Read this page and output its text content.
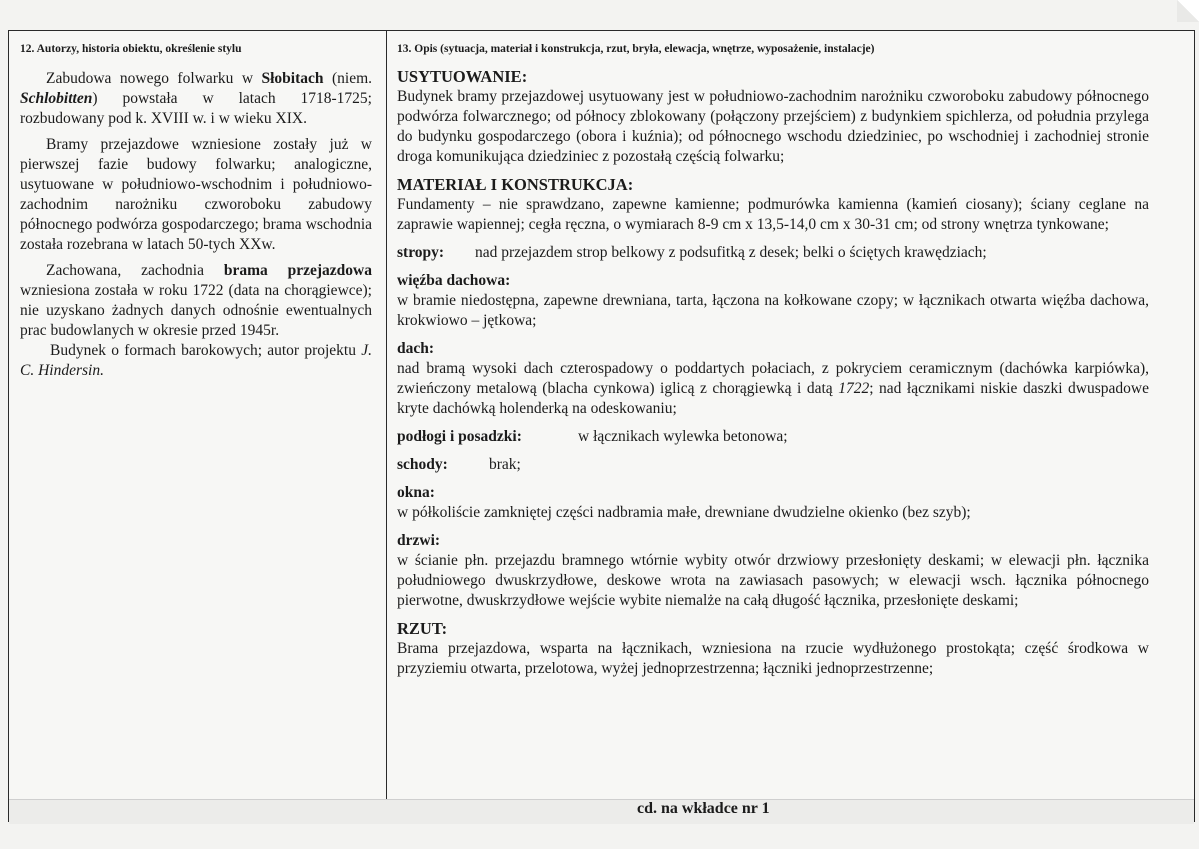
12. Autorzy, historia obiektu, określenie stylu

Zabudowa nowego folwarku w Słobitach (niem. Schlobitten) powstała w latach 1718-1725; rozbudowany pod k. XVIII w. i w wieku XIX.

Bramy przejazdowe wzniesione zostały już w pierwszej fazie budowy folwarku; analogiczne, usytuowane w południowo-wschodnim i południowo-zachodnim narożniku czworoboku zabudowy północnego podwórza gospodarczego; brama wschodnia została rozebrana w latach 50-tych XXw.

Zachowana, zachodnia brama przejazdowa wzniesiona została w roku 1722 (data na chorągiewce); nie uzyskano żadnych danych odnośnie ewentualnych prac budowlanych w okresie przed 1945r.

Budynek o formach barokowych; autor projektu J. C. Hindersin.

13. Opis (sytuacja, materiał i konstrukcja, rzut, bryła, elewacja, wnętrze, wyposażenie, instalacje)

USYTUOWANIE:

Budynek bramy przejazdowej usytuowany jest w południowo-zachodnim narożniku czworoboku zabudowy północnego podwórza folwarcznego; od północy zblokowany (połączony przejściem) z budynkiem spichlerza, od południa przylega do budynku gospodarczego (obora i kuźnia); od północnego wschodu dziedziniec, po wschodniej i zachodniej stronie droga komunikująca dziedziniec z pozostałą częścią folwarku;

MATERIAŁ I KONSTRUKCJA:

Fundamenty – nie sprawdzano, zapewne kamienne; podmurówka kamienna (kamień ciosany); ściany ceglane na zaprawie wapiennej; cegła ręczna, o wymiarach 8-9 cm x 13,5-14,0 cm x 30-31 cm; od strony wnętrza tynkowane;

stropy: nad przejazdem strop belkowy z podsufitką z desek; belki o ściętych krawędziach;

więźba dachowa:

w bramie niedostępna, zapewne drewniana, tarta, łączona na kołkowane czopy; w łącznikach otwarta więźba dachowa, krokwiowo – jętkowa;

dach:

nad bramą wysoki dach czterospadowy o poddartych połaciach, z pokryciem ceramicznym (dachówka karpiówka), zwieńczony metalową (blacha cynkowa) iglicą z chorągiewką i datą 1722; nad łącznikami niskie daszki dwuspadowe kryte dachówką holenderką na odeskowaniu;

podłogi i posadzki:	w łącznikach wylewka betonowa;

schody:	brak;

okna:

w półkoliście zamkniętej części nadbramia małe, drewniane dwudzielne okienko (bez szyb);

drzwi:

w ścianie płn. przejazdu bramnego wtórnie wybity otwór drzwiowy przesłonięty deskami; w elewacji płn. łącznika południowego dwuskrzydłowe, deskowe wrota na zawiasach pasowych; w elewacji wsch. łącznika północnego pierwotne, dwuskrzydłowe wejście wybite niemalże na całą długość łącznika, przesłonięte deskami;

RZUT:

Brama przejazdowa, wsparta na łącznikach, wzniesiona na rzucie wydłużonego prostokąta; część środkowa w przyziemiu otwarta, przelotowa, wyżej jednoprzestrzenna; łączniki jednoprzestrzenne;

cd. na wkładce nr 1
